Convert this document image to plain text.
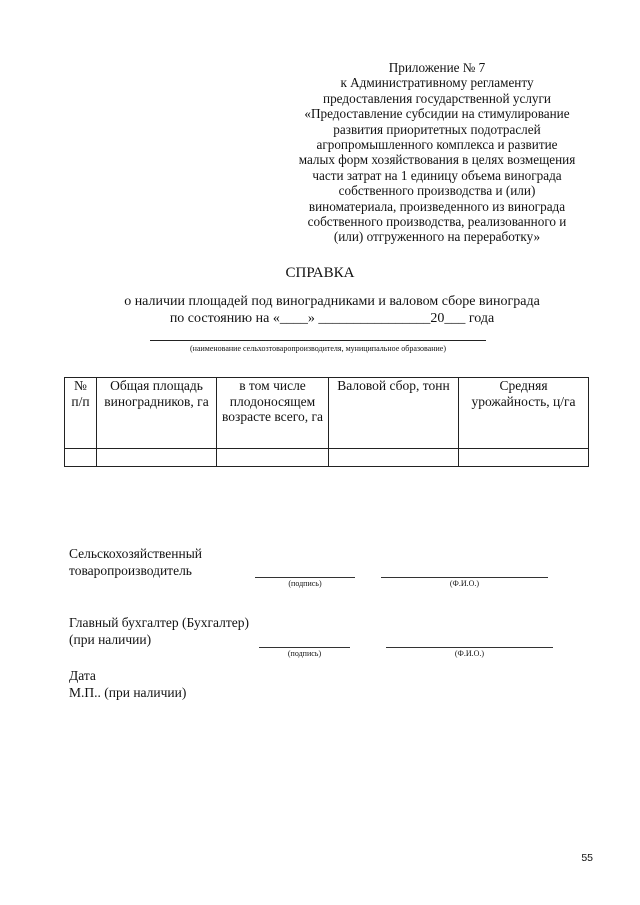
Приложение № 7
к Административному регламенту
предоставления государственной услуги
«Предоставление субсидии на стимулирование
развития приоритетных подотраслей
агропромышленного комплекса и развитие
малых форм хозяйствования в целях возмещения
части затрат на 1 единицу объема винограда
собственного производства и (или)
виноматериала, произведенного из винограда
собственного производства, реализованного и
(или) отгруженного на переработку»
СПРАВКА
о наличии площадей под виноградниками и валовом сборе винограда
по состоянию на «____» ________________20___ года
(наименование сельхозтоваропроизводителя, муниципальное образование)
№ п/п	Общая площадь виноградников, га	в том числе плодоносящем возрасте всего, га	Валовой сбор, тонн	Средняя урожайность, ц/га

Сельскохозяйственный
товаропроизводитель
(подпись)	(Ф.И.О.)
Главный бухгалтер (Бухгалтер)
(при наличии)
(подпись)	(Ф.И.О.)
Дата
М.П.. (при наличии)
55
